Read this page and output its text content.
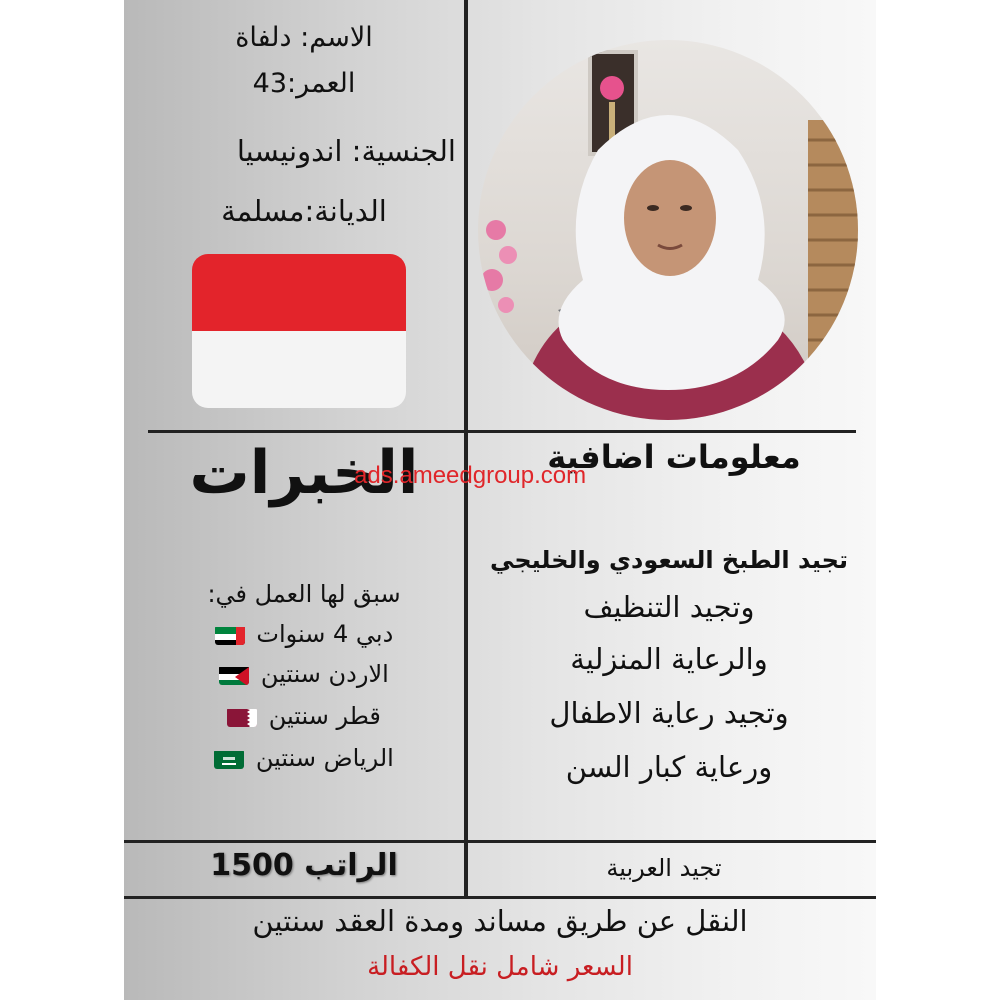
الاسم: دلفاة
العمر:43
الجنسية: اندونيسيا
الديانة:مسلمة
الخبرات	معلومات اضافية
ads.ameedgroup.com
سبق لها العمل في:
دبي 4 سنوات
الاردن سنتين
قطر سنتين
الرياض سنتين
تجيد الطبخ السعودي والخليجي
وتجيد التنظيف
والرعاية المنزلية
وتجيد رعاية الاطفال
ورعاية كبار السن
الراتب 1500	تجيد العربية
النقل عن طريق مساند ومدة العقد سنتين
السعر شامل نقل الكفالة
